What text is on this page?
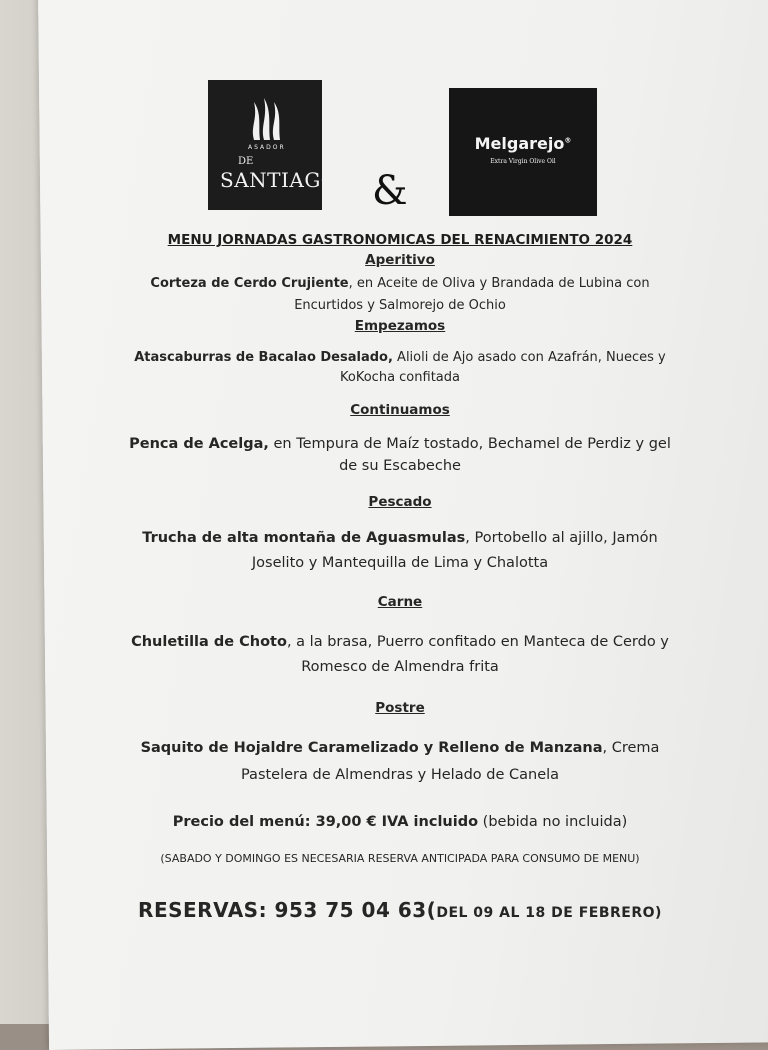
ASADOR
DE
SANTIAGO &
Melgarejo®
Extra Virgin Olive Oil
MENU JORNADAS GASTRONOMICAS DEL RENACIMIENTO 2024
Aperitivo
Corteza de Cerdo Crujiente, en Aceite de Oliva y Brandada de Lubina con
Encurtidos y Salmorejo de Ochio
Empezamos
Atascaburras de Bacalao Desalado, Alioli de Ajo asado con Azafrán, Nueces y
KoKocha confitada
Continuamos
Penca de Acelga, en Tempura de Maíz tostado, Bechamel de Perdiz y gel
de su Escabeche
Pescado
Trucha de alta montaña de Aguasmulas, Portobello al ajillo, Jamón
Joselito y Mantequilla de Lima y Chalotta
Carne
Chuletilla de Choto, a la brasa, Puerro confitado en Manteca de Cerdo y
Romesco de Almendra frita
Postre
Saquito de Hojaldre Caramelizado y Relleno de Manzana, Crema
Pastelera de Almendras y Helado de Canela
Precio del menú: 39,00 € IVA incluido (bebida no incluida)
(SABADO Y DOMINGO ES NECESARIA RESERVA ANTICIPADA PARA CONSUMO DE MENU)
RESERVAS: 953 75 04 63(DEL 09 AL 18 DE FEBRERO)
